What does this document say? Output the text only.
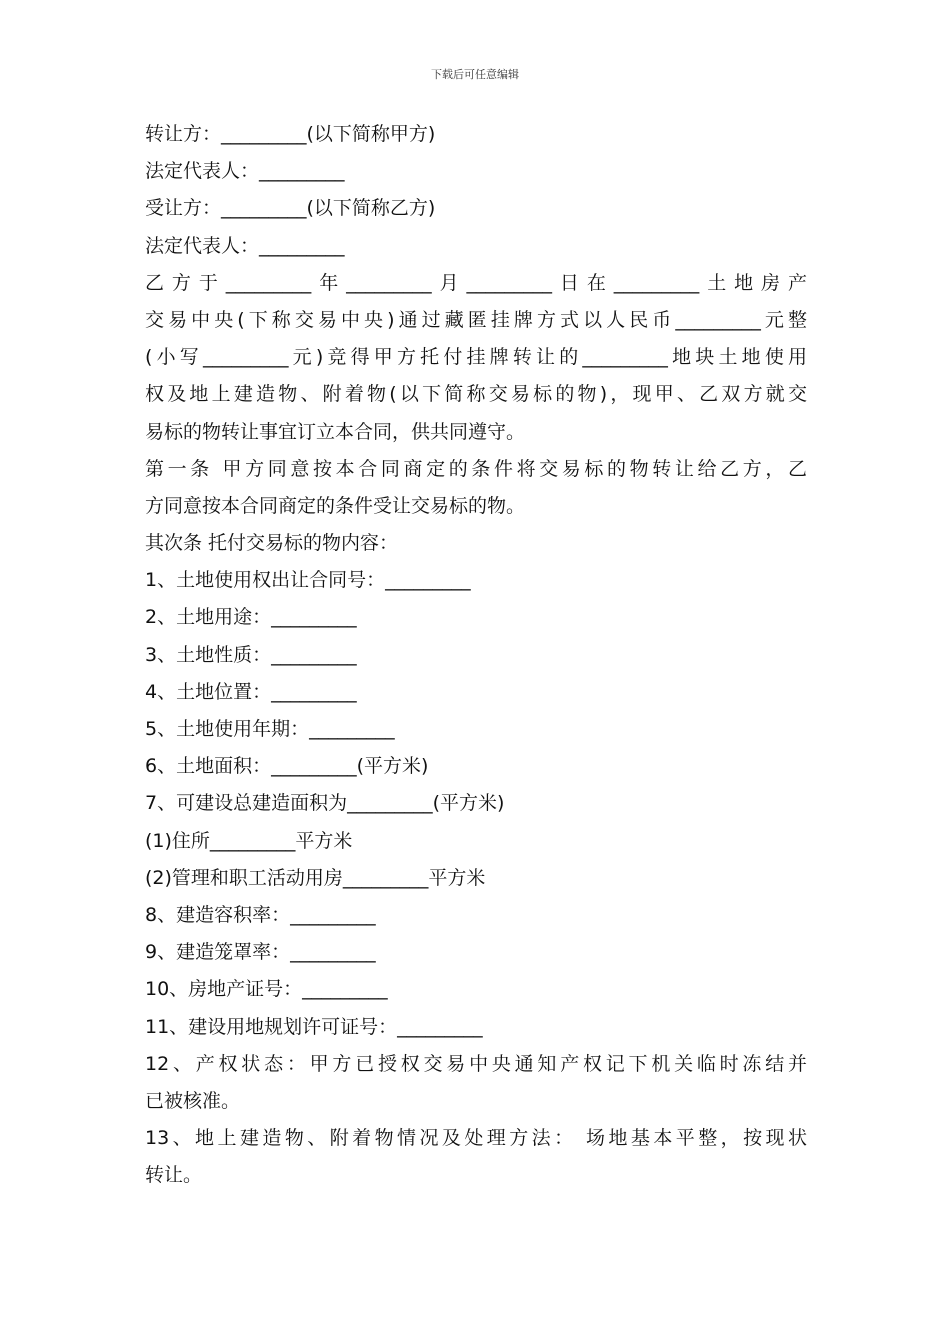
下载后可任意编辑
转让方：_________(以下简称甲方)
法定代表人：_________
受让方：_________(以下简称乙方)
法定代表人：_________
乙方于_________年_________月_________日在_________土地房产
交易中央(下称交易中央)通过藏匿挂牌方式以人民币_________元整
(小写_________元)竞得甲方托付挂牌转让的_________地块土地使用
权及地上建造物、附着物(以下简称交易标的物)，现甲、乙双方就交
易标的物转让事宜订立本合同，供共同遵守。
第一条 甲方同意按本合同商定的条件将交易标的物转让给乙方，乙
方同意按本合同商定的条件受让交易标的物。
其次条 托付交易标的物内容：
1、土地使用权出让合同号：_________
2、土地用途：_________
3、土地性质：_________
4、土地位置：_________
5、土地使用年期：_________
6、土地面积：_________(平方米)
7、可建设总建造面积为_________(平方米)
(1)住所_________平方米
(2)管理和职工活动用房_________平方米
8、建造容积率：_________
9、建造笼罩率：_________
10、房地产证号：_________
11、建设用地规划许可证号：_________
12、产权状态：甲方已授权交易中央通知产权记下机关临时冻结并
已被核准。
13、地上建造物、附着物情况及处理方法： 场地基本平整，按现状
转让。
